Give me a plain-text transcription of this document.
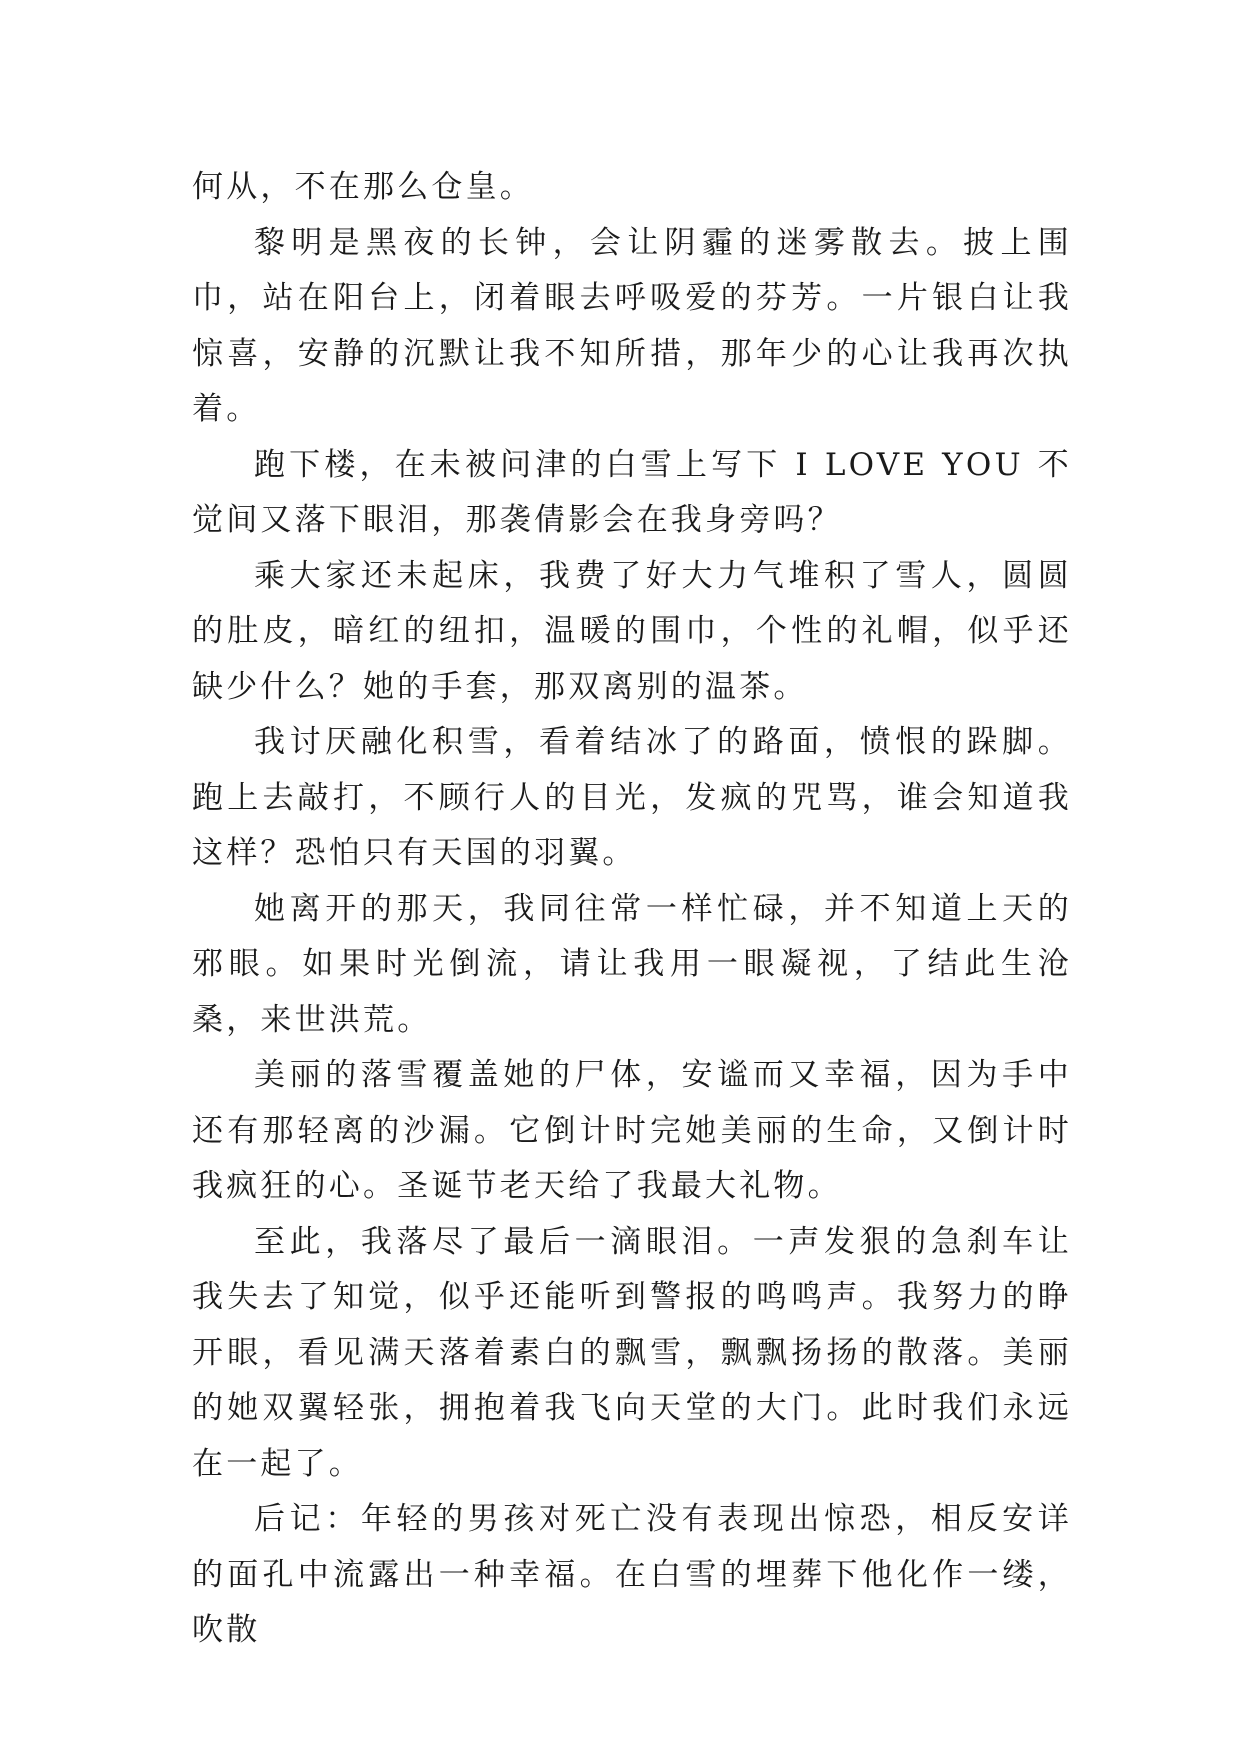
何从，不在那么仓皇。

黎明是黑夜的长钟，会让阴霾的迷雾散去。披上围巾，站在阳台上，闭着眼去呼吸爱的芬芳。一片银白让我惊喜，安静的沉默让我不知所措，那年少的心让我再次执着。

跑下楼，在未被问津的白雪上写下 I LOVE YOU 不觉间又落下眼泪，那袭倩影会在我身旁吗？

乘大家还未起床，我费了好大力气堆积了雪人，圆圆的肚皮，暗红的纽扣，温暖的围巾，个性的礼帽，似乎还缺少什么？她的手套，那双离别的温茶。

我讨厌融化积雪，看着结冰了的路面，愤恨的跺脚。跑上去敲打，不顾行人的目光，发疯的咒骂，谁会知道我这样？恐怕只有天国的羽翼。

她离开的那天，我同往常一样忙碌，并不知道上天的邪眼。如果时光倒流，请让我用一眼凝视，了结此生沧桑，来世洪荒。

美丽的落雪覆盖她的尸体，安谧而又幸福，因为手中还有那轻离的沙漏。它倒计时完她美丽的生命，又倒计时我疯狂的心。圣诞节老天给了我最大礼物。

至此，我落尽了最后一滴眼泪。一声发狠的急刹车让我失去了知觉，似乎还能听到警报的鸣鸣声。我努力的睁开眼，看见满天落着素白的飘雪，飘飘扬扬的散落。美丽的她双翼轻张，拥抱着我飞向天堂的大门。此时我们永远在一起了。

后记：年轻的男孩对死亡没有表现出惊恐，相反安详的面孔中流露出一种幸福。在白雪的埋葬下他化作一缕，吹散
